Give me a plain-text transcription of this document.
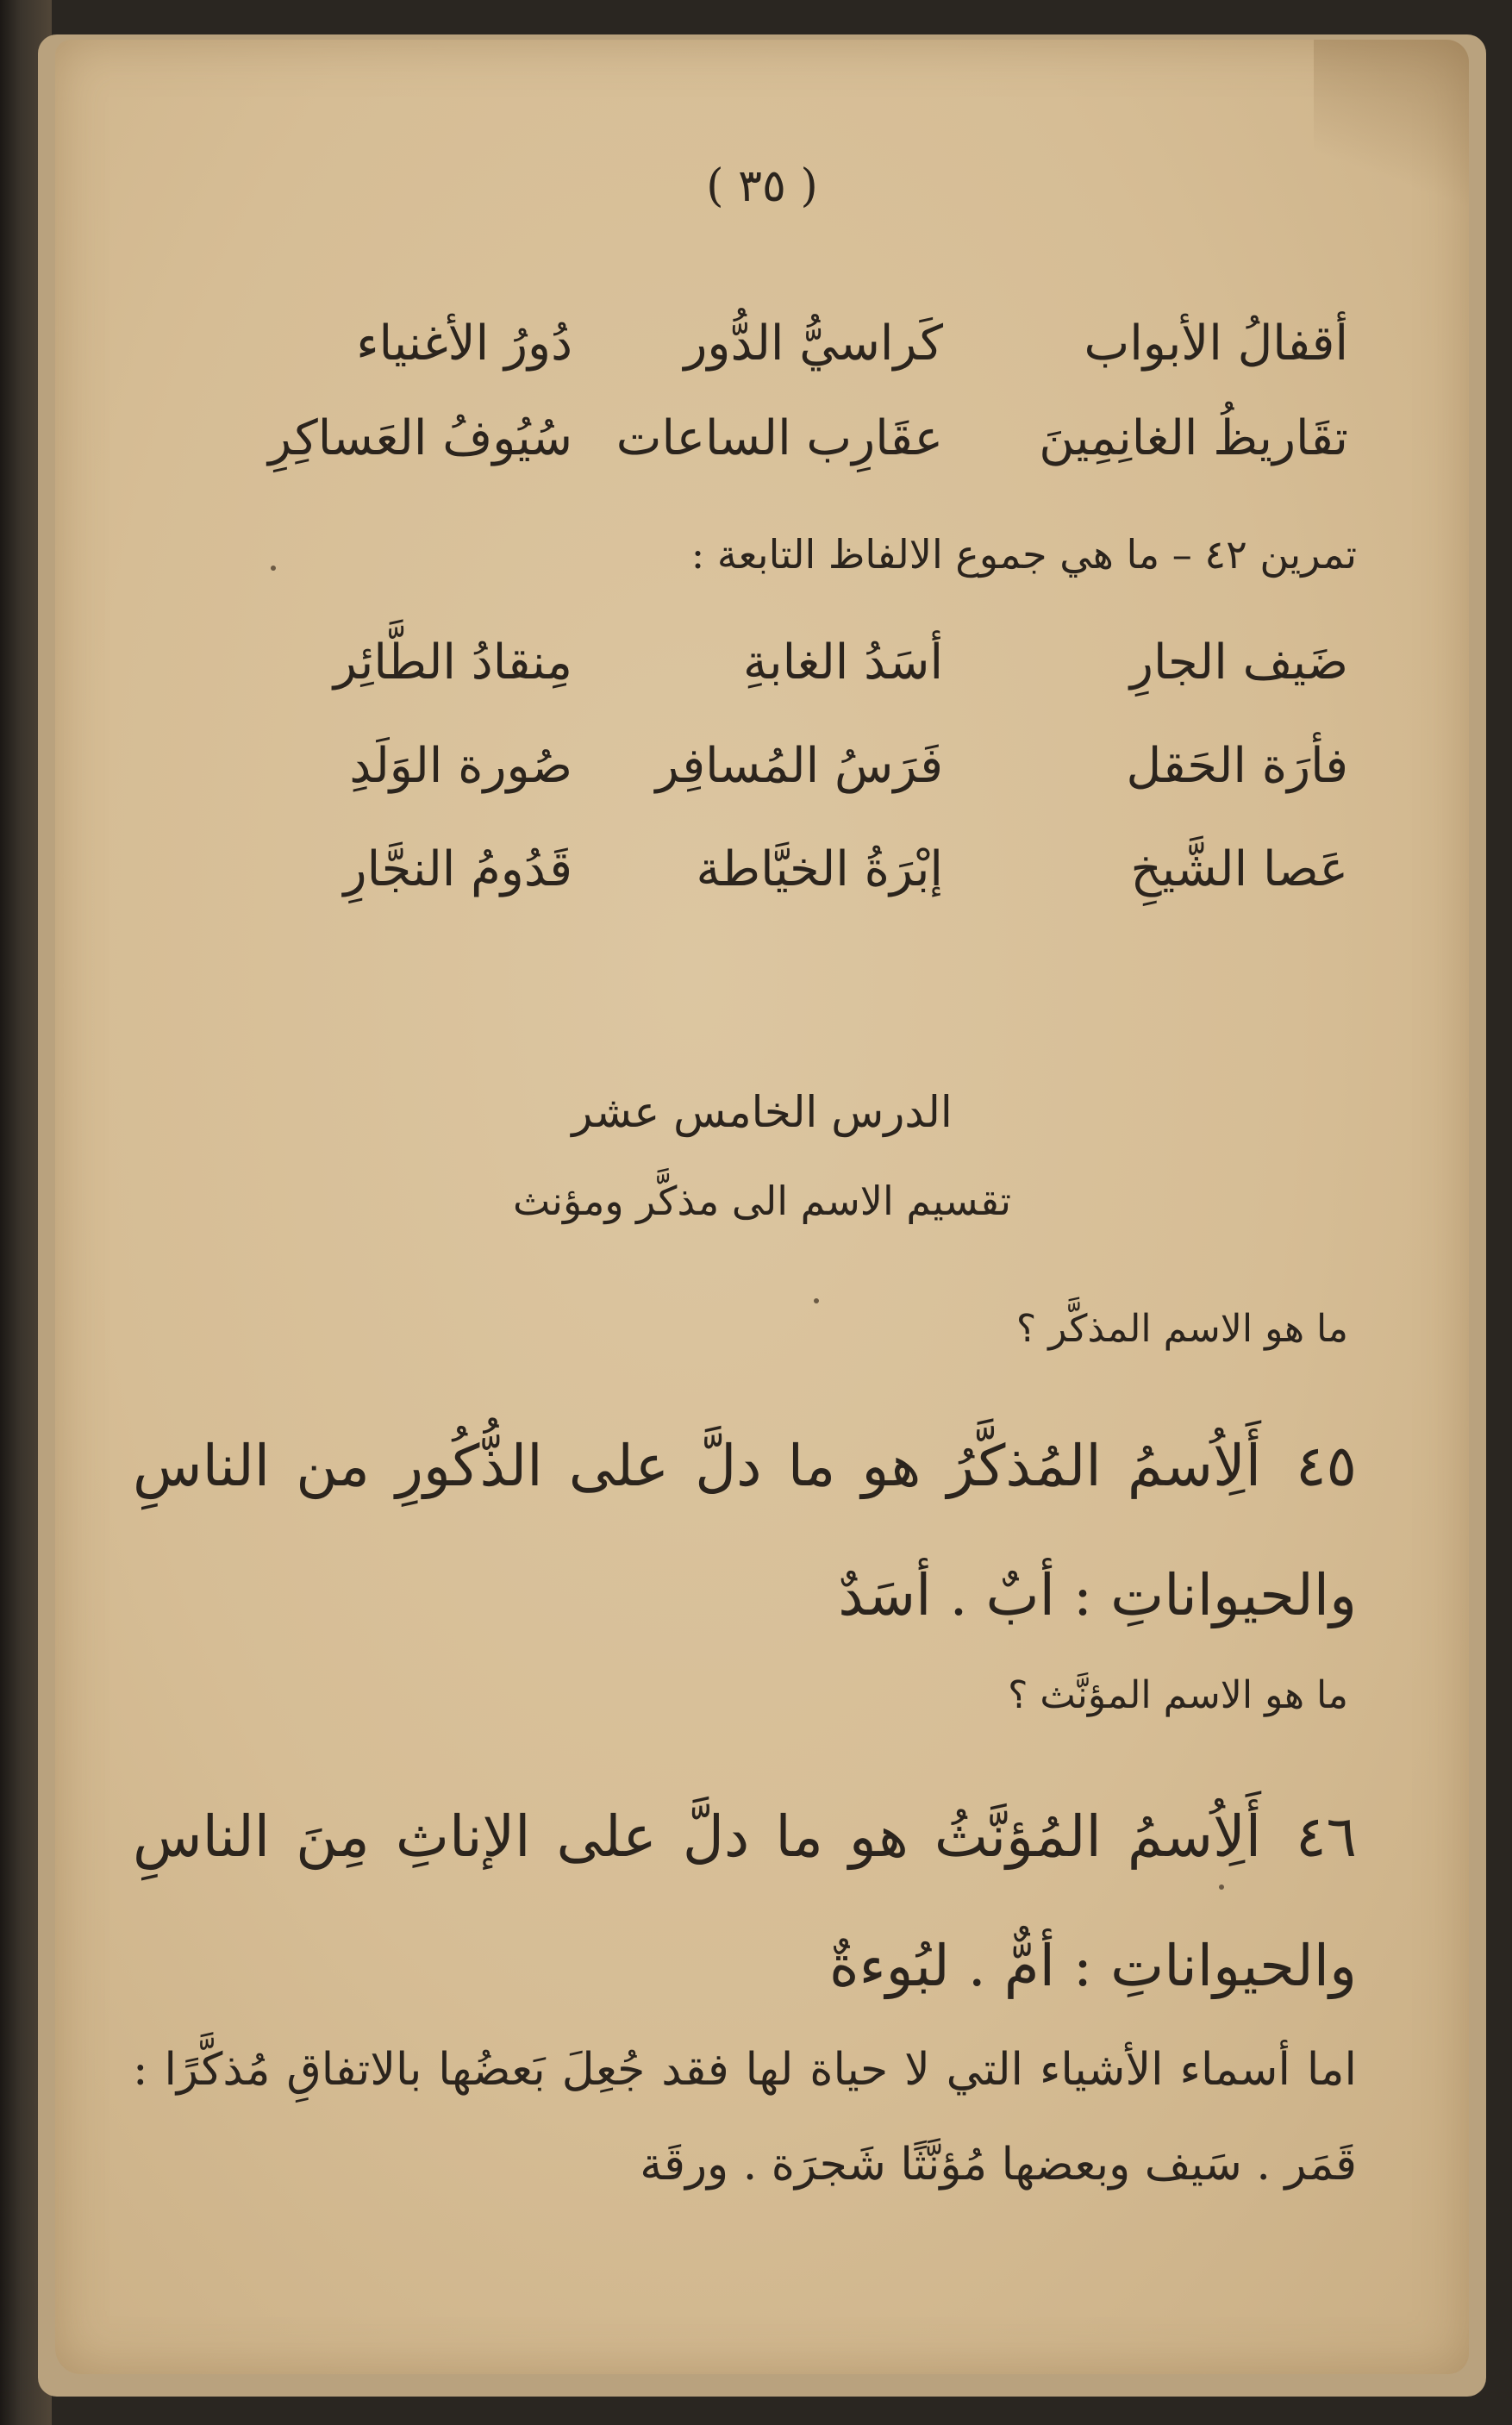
( ٣٥ )
أقفالُ الأبواب
كَراسيُّ الدُّور
دُورُ الأغنياء
تقَاريظُ الغانِمِينَ
عقَارِب الساعات
سُيُوفُ العَساكِرِ
تمرين ٤٢ – ما هي جموع الالفاظ التابعة :
ضَيف الجارِ
أسَدُ الغابةِ
مِنقادُ الطَّائِر
فأرَة الحَقل
فَرَسُ المُسافِر
صُورة الوَلَدِ
عَصا الشَّيخِ
إبْرَةُ الخيَّاطة
قَدُومُ النجَّارِ
الدرس الخامس عشر
تقسيم الاسم الى مذكَّر ومؤنث
ما هو الاسم المذكَّر ؟
٤٥أَلِاُسمُ المُذكَّرُ هو ما دلَّ على الذُّكُورِ من الناسِ والحيواناتِ : أبٌ . أسَدٌ
ما هو الاسم المؤنَّث ؟
٤٦أَلِاُسمُ المُؤنَّثُ هو ما دلَّ على الإناثِ مِنَ الناسِ والحيواناتِ : أمٌّ . لبُوءةٌ
اما أسماء الأشياء التي لا حياة لها فقد جُعِلَ بَعضُها بالاتفاقِ مُذكَّرًا : قَمَر . سَيف وبعضها مُؤنَّثًا شَجرَة . ورقَة
